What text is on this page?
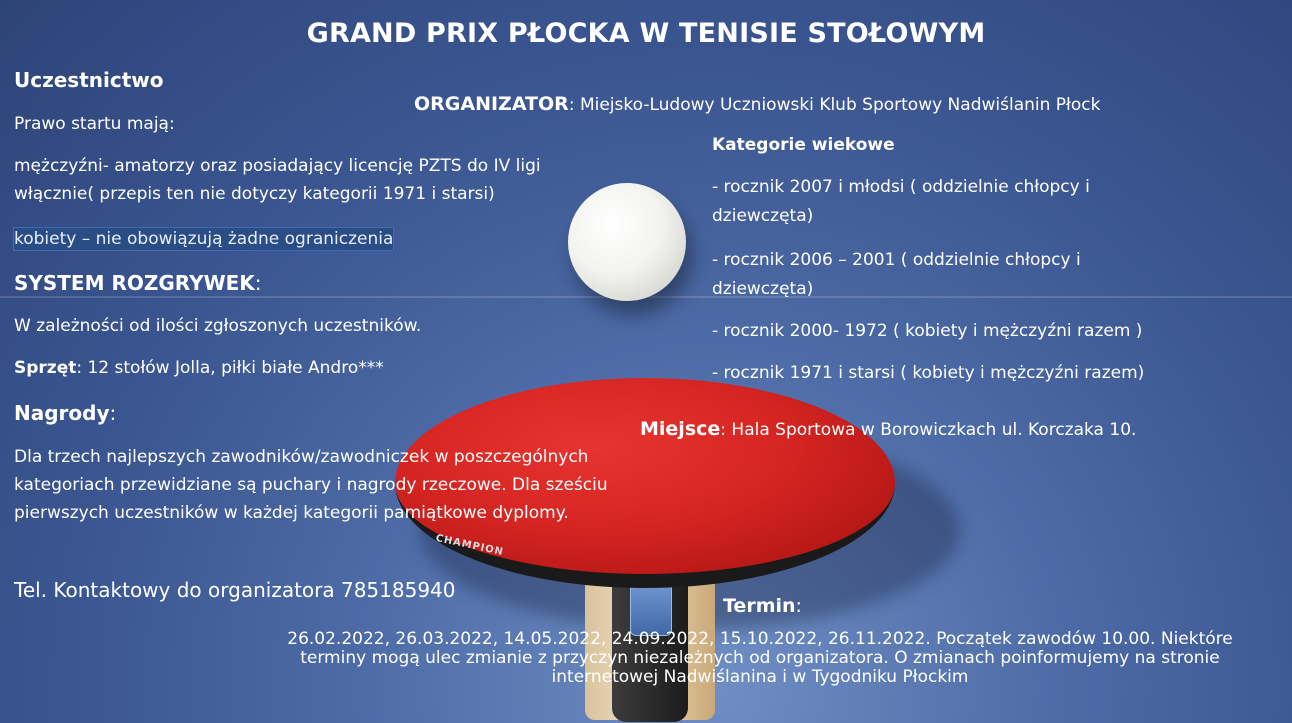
CHAMPION
GRAND PRIX PŁOCKA W TENISIE STOŁOWYM
Uczestnictwo
Prawo startu mają:
mężczyźni- amatorzy oraz posiadający licencję PZTS do IV ligi
włącznie( przepis ten nie dotyczy kategorii 1971 i starsi)
kobiety – nie obowiązują żadne ograniczenia
SYSTEM ROZGRYWEK:
W zależności od ilości zgłoszonych uczestników.
Sprzęt: 12 stołów Jolla, piłki białe Andro***
Nagrody:
Dla trzech najlepszych zawodników/zawodniczek w poszczególnych
kategoriach przewidziane są puchary i nagrody rzeczowe. Dla sześciu
pierwszych uczestników w każdej kategorii pamiątkowe dyplomy.
Tel. Kontaktowy do organizatora 785185940
ORGANIZATOR: Miejsko-Ludowy Uczniowski Klub Sportowy Nadwiślanin Płock
Kategorie wiekowe
- rocznik 2007 i młodsi ( oddzielnie chłopcy i
dziewczęta)
- rocznik 2006 – 2001 ( oddzielnie chłopcy i
dziewczęta)
- rocznik 2000- 1972 ( kobiety i mężczyźni razem )
- rocznik 1971 i starsi ( kobiety i mężczyźni razem)
Miejsce: Hala Sportowa w Borowiczkach ul. Korczaka 10.
Termin:
26.02.2022, 26.03.2022, 14.05.2022, 24.09.2022, 15.10.2022, 26.11.2022. Początek zawodów 10.00. Niektóre terminy mogą ulec zmianie z przyczyn niezależnych od organizatora. O zmianach poinformujemy na stronie internetowej Nadwiślanina i w Tygodniku Płockim
